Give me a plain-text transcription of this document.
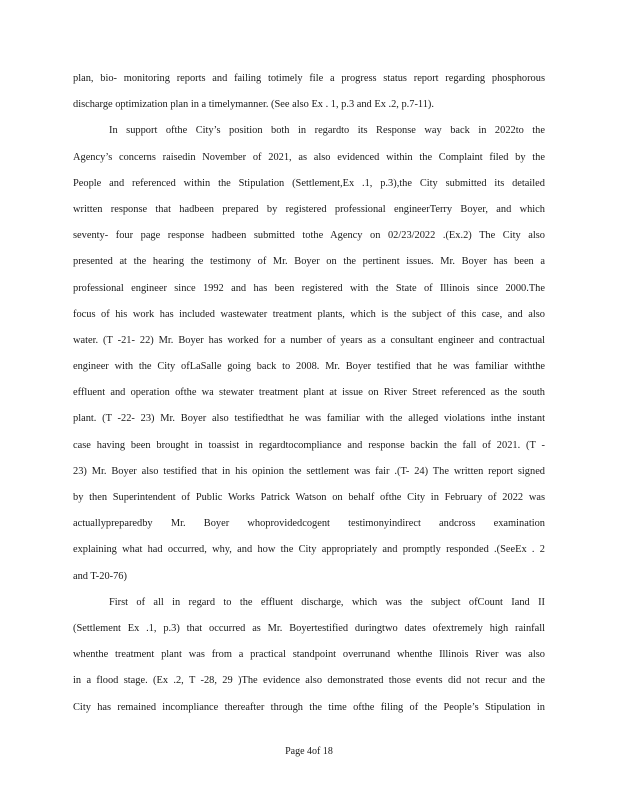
plan, bio- monitoring reports and failing totimely file a progress status report regarding phosphorous
discharge optimization plan in a timelymanner. (See also Ex . 1, p.3 and Ex .2, p.7-11).
In support ofthe City’s position both in regardto its Response way back in 2022to the
Agency’s concerns raisedin November of 2021, as also evidenced within the Complaint filed by the
People and referenced within the Stipulation (Settlement,Ex .1, p.3),the City submitted its detailed
written response that hadbeen prepared by registered professional engineerTerry Boyer, and which
seventy- four page response hadbeen submitted tothe Agency on 02/23/2022 .(Ex.2) The City also
presented at the hearing the testimony of Mr. Boyer on the pertinent issues. Mr. Boyer has been a
professional engineer since 1992 and has been registered with the State of Illinois since 2000.The
focus of his work has included wastewater treatment plants, which is the subject of this case, and also
water. (T -21- 22) Mr. Boyer has worked for a number of years as a consultant engineer and contractual
engineer with the City ofLaSalle going back to 2008. Mr. Boyer testified that he was familiar withthe
effluent and operation ofthe wa stewater treatment plant at issue on River Street referenced as the south
plant. (T -22- 23) Mr. Boyer also testifiedthat he was familiar with the alleged violations inthe instant
case having been brought in toassist in regardtocompliance and response backin the fall of 2021. (T -
23) Mr. Boyer also testified that in his opinion the settlement was fair .(T- 24) The written report signed
by then Superintendent of Public Works Patrick Watson on behalf ofthe City in February of 2022 was
actuallypreparedby Mr. Boyer whoprovidedcogent testimonyindirect andcross examination
explaining what had occurred, why, and how the City appropriately and promptly responded .(SeeEx . 2
and T-20-76)
First of all in regard to the effluent discharge, which was the subject ofCount Iand II
(Settlement Ex .1, p.3) that occurred as Mr. Boyertestified duringtwo dates ofextremely high rainfall
whenthe treatment plant was from a practical standpoint overrunand whenthe Illinois River was also
in a flood stage. (Ex .2, T -28, 29 )The evidence also demonstrated those events did not recur and the
City has remained incompliance thereafter through the time ofthe filing of the People’s Stipulation in
Page 4of 18
